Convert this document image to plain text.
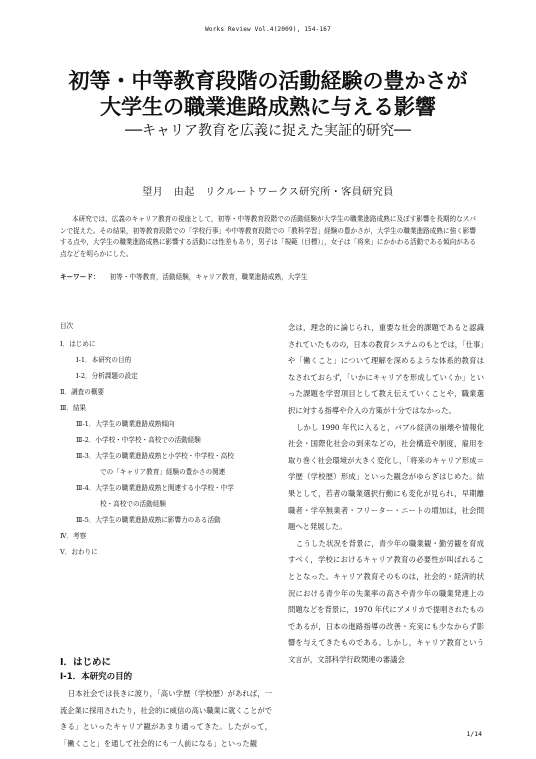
Works Review Vol.4(2009), 154-167
初等・中等教育段階の活動経験の豊かさが
大学生の職業進路成熟に与える影響
──キャリア教育を広義に捉えた実証的研究──
望月　由起　リクルートワークス研究所・客員研究員
本研究では，広義のキャリア教育の視座として，初等・中等教育段階での活動経験が大学生の職業進路成熟に及ぼす影響を長期的なスパンで捉えた。その結果，初等教育段階での「学校行事」や中等教育段階での「教科学習」経験の豊かさが，大学生の職業進路成熟に強く影響する点や，大学生の職業進路成熟に影響する活動には性差もあり，男子は「規範（目標）」，女子は「将来」にかかわる活動である傾向がある点などを明らかにした。
キーワード： 初等・中等教育，活動経験，キャリア教育，職業進路成熟，大学生
目次
Ⅰ．はじめに
Ⅰ-1．本研究の目的
Ⅰ-2．分析課題の設定
Ⅱ．調査の概要
Ⅲ．結果
Ⅲ-1．大学生の職業進路成熟傾向
Ⅲ-2．小学校・中学校・高校での活動経験
Ⅲ-3．大学生の職業進路成熟と小学校・中学校・高校
での「キャリア教育」経験の豊かさの関連
Ⅲ-4．大学生の職業進路成熟と関連する小学校・中学
校・高校での活動経験
Ⅲ-5．大学生の職業進路成熟に影響力のある活動
Ⅳ．考察
Ⅴ．おわりに
Ⅰ．はじめに
Ⅰ-1．本研究の目的

日本社会では長きに渡り，「高い学歴（学校歴）があれば，一流企業に採用されたり，社会的に威信の高い職業に就くことができる」といったキャリア観があまり通ってきた。したがって，「働くこと」を通して社会的にも一人前になる」といった観

念は，理念的に論じられ，重要な社会的課題であると認識されていたものの，日本の教育システムのもとでは，「仕事」や「働くこと」について理解を深めるような体系的教育はなされておらず，「いかにキャリアを形成していくか」といった課題を学習項目として教え伝えていくことや，職業選択に対する指導や介入の方策が十分ではなかった。

しかし 1990 年代に入ると，バブル経済の崩壊や情報化社会・国際化社会の到来などの，社会構造や制度，雇用を取り巻く社会環境が大きく変化し，「将来のキャリア形成＝学歴（学校歴）形成」といった観念がゆらぎはじめた。結果として，若者の職業選択行動にも変化が見られ，早期離職者・学卒無業者・フリーター・ニートの増加は，社会問題へと発展した。

こうした状況を背景に，青少年の職業観・勤労観を育成すべく，学校におけるキャリア教育の必要性が叫ばれることとなった。キャリア教育そのものは，社会的・経済的状況における青少年の失業率の高さや青少年の職業発達上の問題などを背景に，1970 年代にアメリカで提唱されたものであるが，日本の進路指導の改善・充実にも少なからず影響を与えてきたものである。しかし，キャリア教育という文言が，文部科学行政関連の審議会

1/14
